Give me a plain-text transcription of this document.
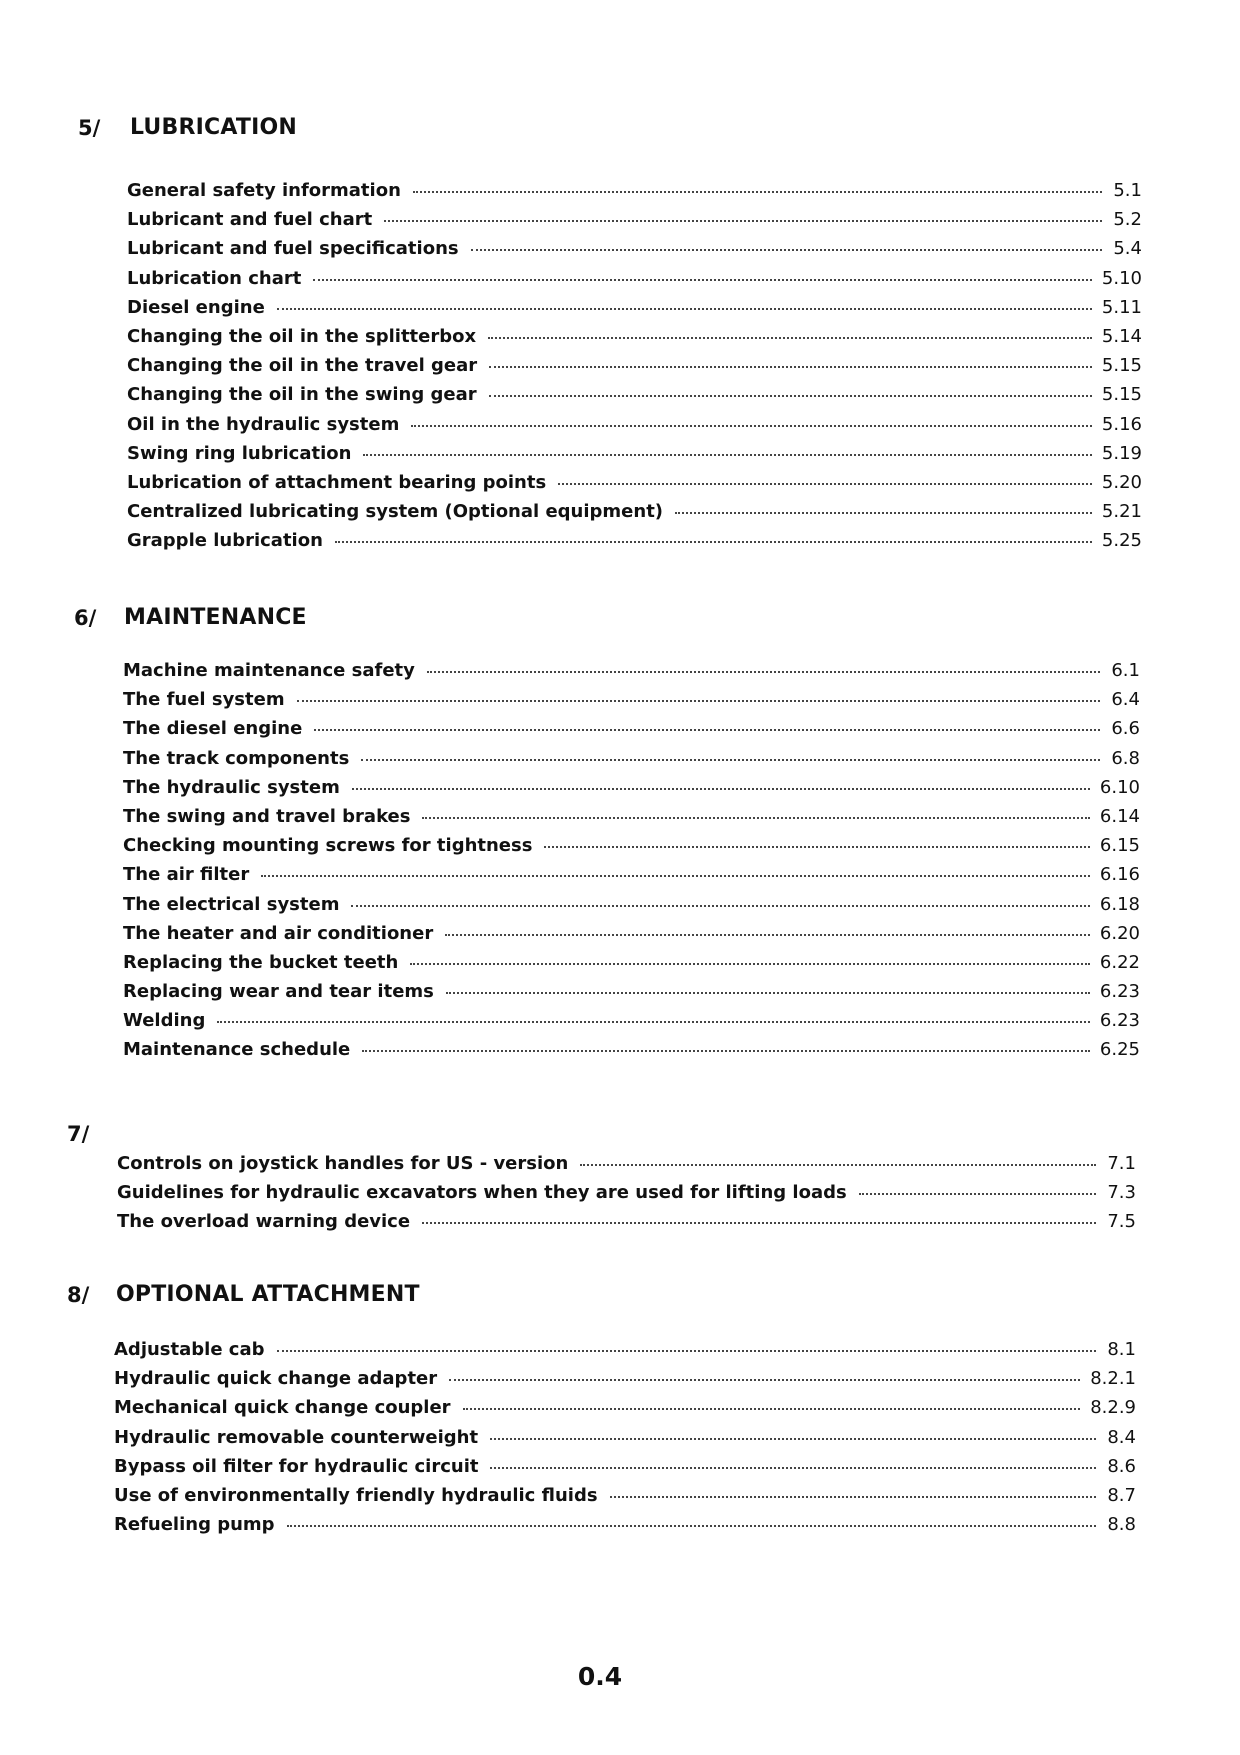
5/ LUBRICATION
General safety information	5.1
Lubricant and fuel chart	5.2
Lubricant and fuel specifications	5.4
Lubrication chart	5.10
Diesel engine	5.11
Changing the oil in the splitterbox	5.14
Changing the oil in the travel gear	5.15
Changing the oil in the swing gear	5.15
Oil in the hydraulic system	5.16
Swing ring lubrication	5.19
Lubrication of attachment bearing points	5.20
Centralized lubricating system (Optional equipment)	5.21
Grapple lubrication	5.25
6/ MAINTENANCE
Machine maintenance safety	6.1
The fuel system	6.4
The diesel engine	6.6
The track components	6.8
The hydraulic system	6.10
The swing and travel brakes	6.14
Checking mounting screws for tightness	6.15
The air filter	6.16
The electrical system	6.18
The heater and air conditioner	6.20
Replacing the bucket teeth	6.22
Replacing wear and tear items	6.23
Welding	6.23
Maintenance schedule	6.25
7/
Controls on joystick handles for US - version	7.1
Guidelines for hydraulic excavators when they are used for lifting loads	7.3
The overload warning device	7.5
8/ OPTIONAL ATTACHMENT
Adjustable cab	8.1
Hydraulic quick change adapter	8.2.1
Mechanical quick change coupler	8.2.9
Hydraulic removable counterweight	8.4
Bypass oil filter for hydraulic circuit	8.6
Use of environmentally friendly hydraulic fluids	8.7
Refueling pump	8.8
0.4
